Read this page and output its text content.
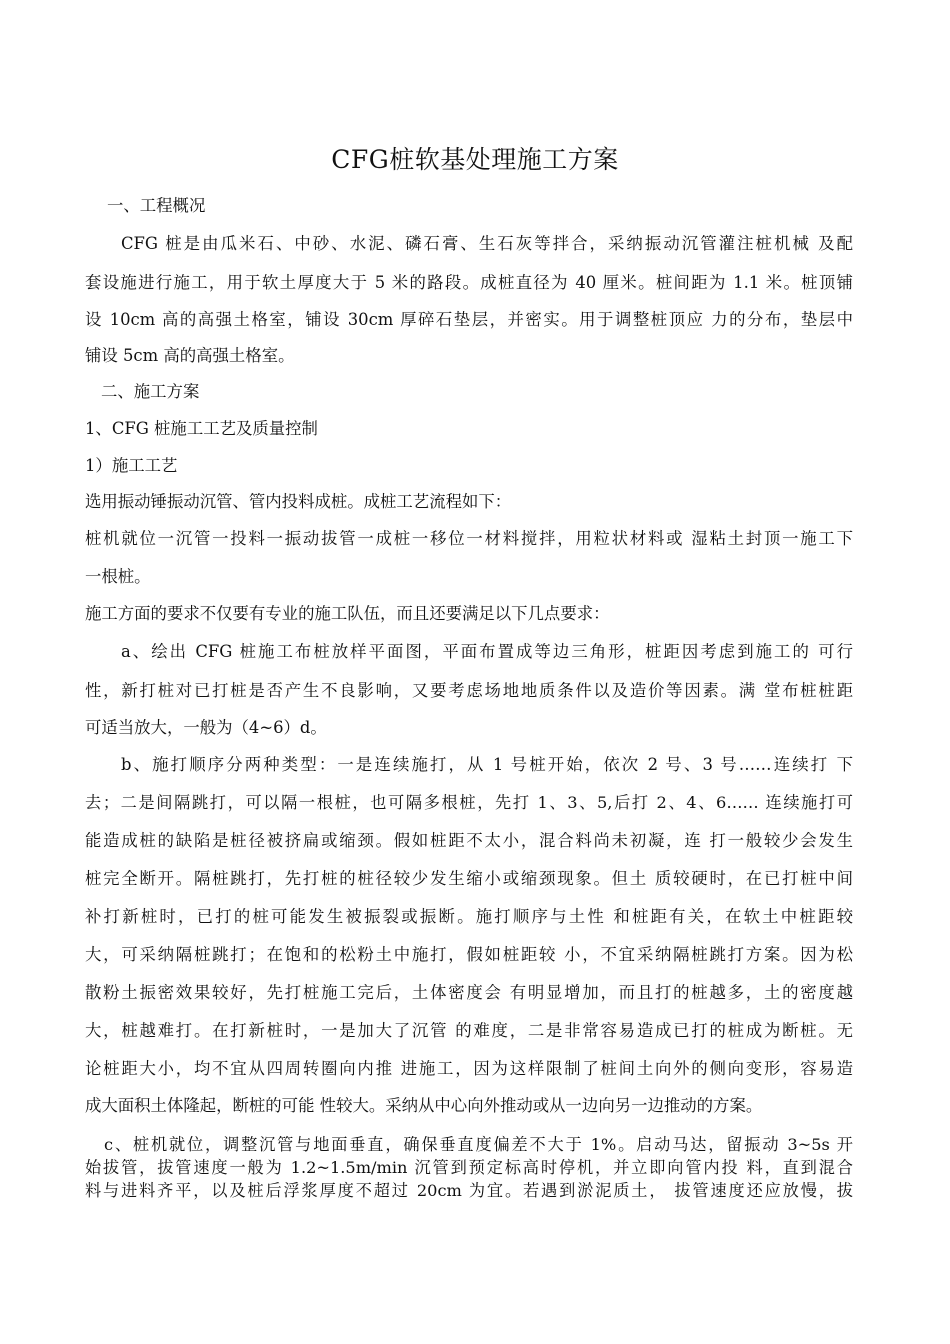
CFG桩软基处理施工方案
一、工程概况
CFG 桩是由瓜米石、中砂、水泥、磷石膏、生石灰等拌合，采纳振动沉管灌注桩机械 及配
套设施进行施工，用于软土厚度大于 5 米的路段。成桩直径为 40 厘米。桩间距为 1.1 米。桩顶铺
设 10cm 高的高强土格室，铺设 30cm 厚碎石垫层，并密实。用于调整桩顶应 力的分布，垫层中
铺设 5cm 高的高强土格室。
二、施工方案
1、CFG 桩施工工艺及质量控制
1）施工工艺
选用振动锤振动沉管、管内投料成桩。成桩工艺流程如下：
桩机就位一沉管一投料一振动拔管一成桩一移位一材料搅拌，用粒状材料或 湿粘土封顶一施工下
一根桩。
施工方面的要求不仅要有专业的施工队伍，而且还要满足以下几点要求：
a、绘出 CFG 桩施工布桩放样平面图，平面布置成等边三角形，桩距因考虑到施工的 可行
性，新打桩对已打桩是否产生不良影响，又要考虑场地地质条件以及造价等因素。满 堂布桩桩距
可适当放大，一般为（4~6）d。
b、施打顺序分两种类型：一是连续施打，从 1 号桩开始，依次 2 号、3 号……连续打 下
去；二是间隔跳打，可以隔一根桩，也可隔多根桩，先打 1、3、5,后打 2、4、6…… 连续施打可
能造成桩的缺陷是桩径被挤扁或缩颈。假如桩距不太小，混合料尚未初凝，连 打一般较少会发生
桩完全断开。隔桩跳打，先打桩的桩径较少发生缩小或缩颈现象。但土 质较硬时，在已打桩中间
补打新桩时，已打的桩可能发生被振裂或振断。施打顺序与土性 和桩距有关，在软土中桩距较
大，可采纳隔桩跳打；在饱和的松粉土中施打，假如桩距较 小，不宜采纳隔桩跳打方案。因为松
散粉土振密效果较好，先打桩施工完后，土体密度会 有明显增加，而且打的桩越多，土的密度越
大，桩越难打。在打新桩时，一是加大了沉管 的难度，二是非常容易造成已打的桩成为断桩。无
论桩距大小，均不宜从四周转圈向内推 进施工，因为这样限制了桩间土向外的侧向变形，容易造
成大面积土体隆起，断桩的可能 性较大。采纳从中心向外推动或从一边向另一边推动的方案。
c、桩机就位，调整沉管与地面垂直，确保垂直度偏差不大于 1%。启动马达，留振动 3~5s 开
始拔管，拔管速度一般为 1.2~1.5m/min 沉管到预定标高时停机，并立即向管内投 料，直到混合
料与进料齐平，以及桩后浮浆厚度不超过 20cm 为宜。若遇到淤泥质土， 拔管速度还应放慢，拔
